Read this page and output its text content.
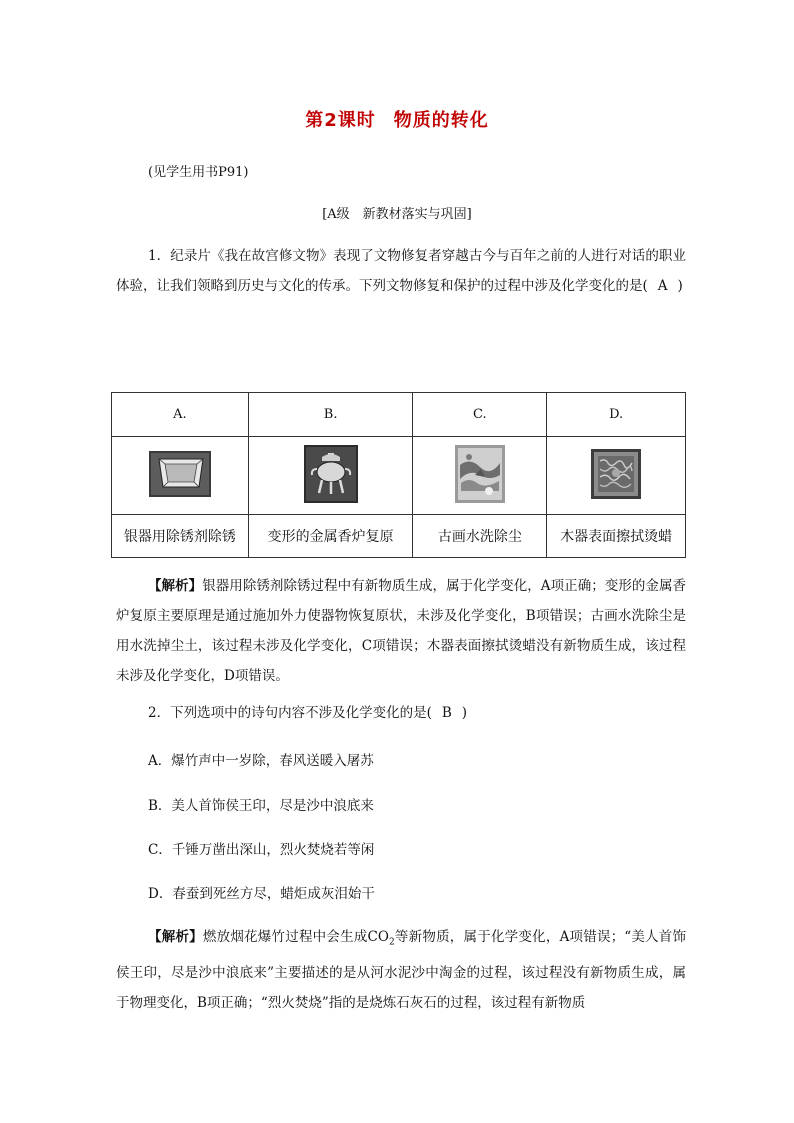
第2课时 物质的转化
(见学生用书P91)
[A级　新教材落实与巩固]

1．纪录片《我在故宫修文物》表现了文物修复者穿越古今与百年之前的人进行对话的职业体验，让我们领略到历史与文化的传承。下列文物修复和保护的过程中涉及化学变化的是( A )

A.	B.	C.	D.

银器用除锈剂除锈	变形的金属香炉复原	古画水洗除尘	木器表面擦拭烫蜡

【解析】银器用除锈剂除锈过程中有新物质生成，属于化学变化，A项正确；变形的金属香炉复原主要原理是通过施加外力使器物恢复原状，未涉及化学变化，B项错误；古画水洗除尘是用水洗掉尘土，该过程未涉及化学变化，C项错误；木器表面擦拭烫蜡没有新物质生成，该过程未涉及化学变化，D项错误。

2．下列选项中的诗句内容不涉及化学变化的是( B )

A．爆竹声中一岁除，春风送暖入屠苏
B．美人首饰侯王印，尽是沙中浪底来
C．千锤万凿出深山，烈火焚烧若等闲
D．春蚕到死丝方尽，蜡炬成灰泪始干

【解析】燃放烟花爆竹过程中会生成$CO_2$等新物质，属于化学变化，A项错误；“美人首饰侯王印，尽是沙中浪底来”主要描述的是从河水泥沙中淘金的过程，该过程没有新物质生成，属于物理变化，B项正确；“烈火焚烧”指的是烧炼石灰石的过程，该过程有新物质
